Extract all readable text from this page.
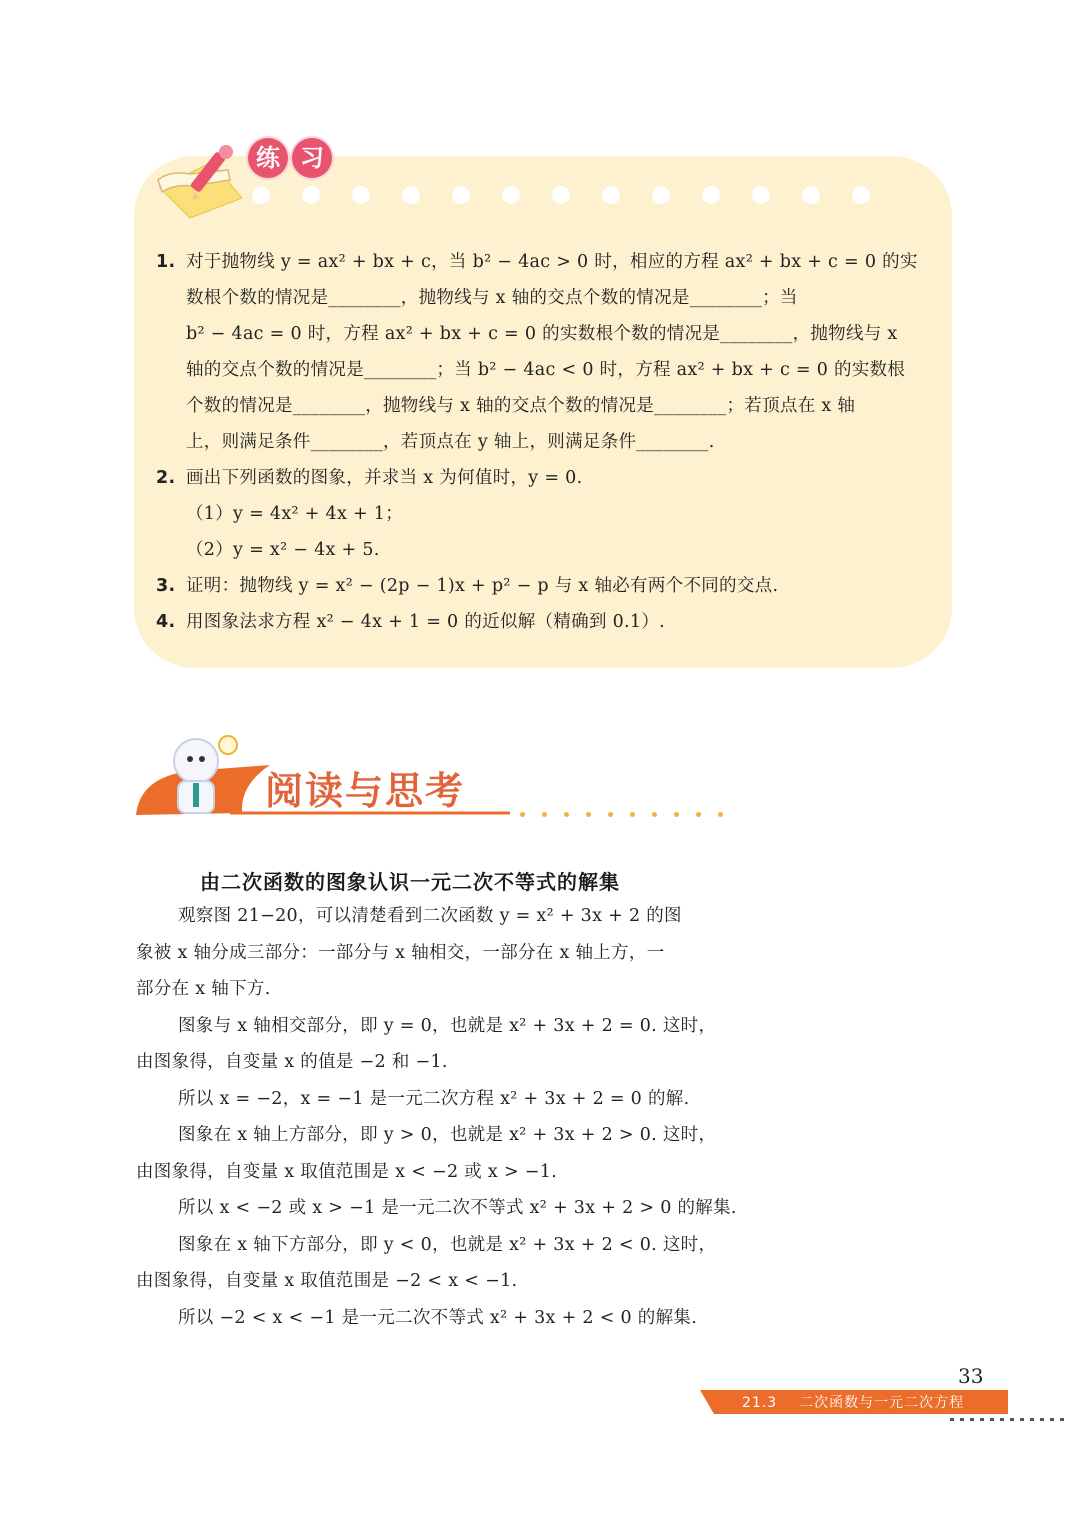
练 习
1. 对于抛物线 y = ax² + bx + c，当 b² − 4ac > 0 时，相应的方程 ax² + bx + c = 0 的实
数根个数的情况是________，抛物线与 x 轴的交点个数的情况是________；当
b² − 4ac = 0 时，方程 ax² + bx + c = 0 的实数根个数的情况是________，抛物线与 x
轴的交点个数的情况是________；当 b² − 4ac < 0 时，方程 ax² + bx + c = 0 的实数根
个数的情况是________，抛物线与 x 轴的交点个数的情况是________；若顶点在 x 轴
上，则满足条件________，若顶点在 y 轴上，则满足条件________.
2. 画出下列函数的图象，并求当 x 为何值时，y = 0.
（1）y = 4x² + 4x + 1；
（2）y = x² − 4x + 5.
3. 证明：抛物线 y = x² − (2p − 1)x + p² − p 与 x 轴必有两个不同的交点.
4. 用图象法求方程 x² − 4x + 1 = 0 的近似解（精确到 0.1）.
阅读与思考
由二次函数的图象认识一元二次不等式的解集
观察图 21−20，可以清楚看到二次函数 y = x² + 3x + 2 的图
象被 x 轴分成三部分：一部分与 x 轴相交，一部分在 x 轴上方，一
部分在 x 轴下方.
图象与 x 轴相交部分，即 y = 0，也就是 x² + 3x + 2 = 0. 这时，
由图象得，自变量 x 的值是 −2 和 −1.
所以 x = −2，x = −1 是一元二次方程 x² + 3x + 2 = 0 的解.
图象在 x 轴上方部分，即 y > 0，也就是 x² + 3x + 2 > 0. 这时，
由图象得，自变量 x 取值范围是 x < −2 或 x > −1.
所以 x < −2 或 x > −1 是一元二次不等式 x² + 3x + 2 > 0 的解集.
图象在 x 轴下方部分，即 y < 0，也就是 x² + 3x + 2 < 0. 这时，
由图象得，自变量 x 取值范围是 −2 < x < −1.
所以 −2 < x < −1 是一元二次不等式 x² + 3x + 2 < 0 的解集.
33
21.3 二次函数与一元二次方程
